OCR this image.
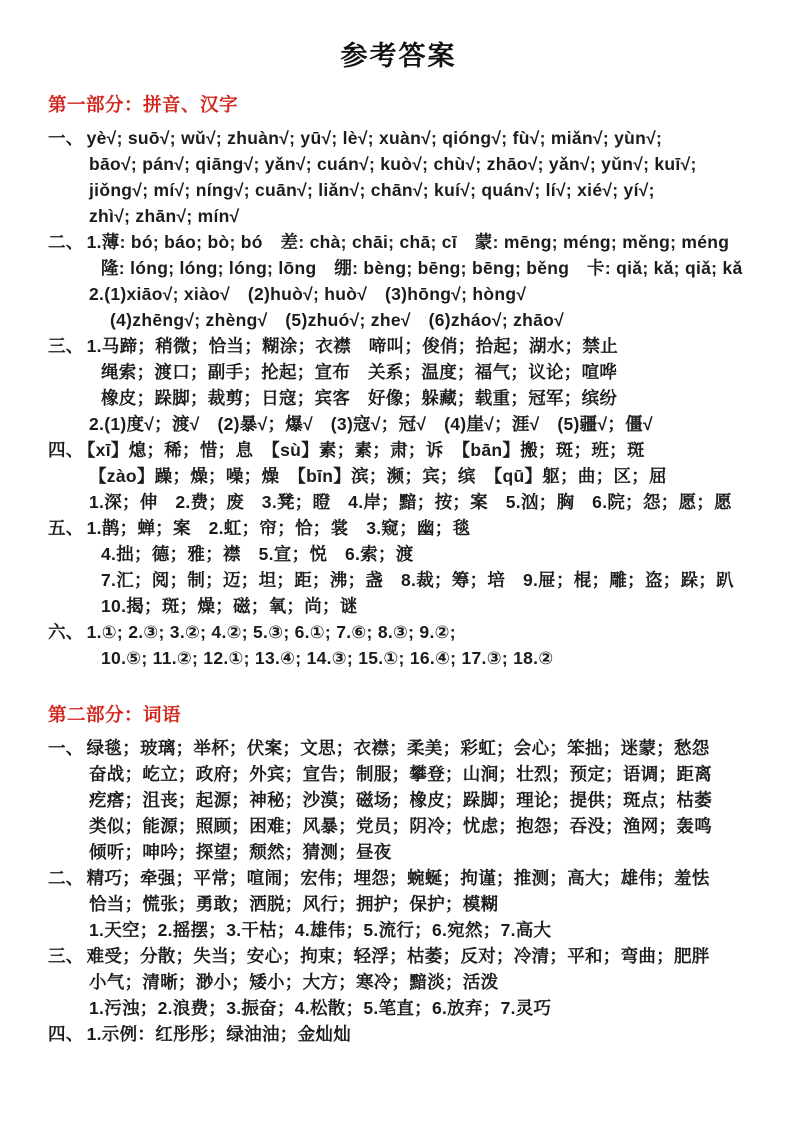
参考答案
第一部分：拼音、汉字
一、 yè√; suō√; wǔ√; zhuàn√; yū√; lè√; xuàn√; qióng√; fù√; miǎn√; yùn√;
bāo√; pán√; qiāng√; yǎn√; cuán√; kuò√; chù√; zhāo√; yǎn√; yǔn√; kuī√;
jiǒng√; mí√; níng√; cuān√; liǎn√; chān√; kuí√; quán√; lí√; xié√; yí√;
zhì√; zhān√; mín√
二、 1.薄: bó; báo; bò; bó　差: chà; chāi; chā; cī　蒙: mēng; méng; měng; méng
隆: lóng; lóng; lóng; lōng　绷: bèng; bēng; bēng; běng　卡: qiǎ; kǎ; qiǎ; kǎ
2.(1)xiāo√; xiào√　(2)huò√; huò√　(3)hōng√; hòng√
(4)zhēng√; zhèng√　(5)zhuó√; zhe√　(6)zháo√; zhāo√
三、 1.马蹄；稍微；恰当；糊涂；衣襟　啼叫；俊俏；拾起；湖水；禁止
绳索；渡口；副手；抡起；宣布　关系；温度；福气；议论；喧哗
橡皮；跺脚；裁剪；日寇；宾客　好像；躲藏；载重；冠军；缤纷
2.(1)度√；渡√　(2)暴√；爆√　(3)寇√；冠√　(4)崖√；涯√　(5)疆√；僵√
四、 【xī】熄；稀；惜；息　【sù】素；素；肃；诉　【bān】搬；斑；班；斑
【zào】躁；燥；噪；燥　【bīn】滨；濒；宾；缤　【qū】躯；曲；区；屈
1.深；伸　2.费；废　3.凳；瞪　4.岸；黯；按；案　5.汹；胸　6.院；怨；愿；愿
五、 1.鹊；蝉；案　2.虹；帘；恰；裳　3.窥；幽；毯
4.拙；德；雅；襟　5.宣；悦　6.索；渡
7.汇；阅；制；迈；坦；距；沸；盏　8.裁；筹；培　9.屉；棍；雕；盗；跺；趴
10.揭；斑；燥；磁；氧；尚；谜
六、 1.①; 2.③; 3.②; 4.②; 5.③; 6.①; 7.⑥; 8.③; 9.②;
10.⑤; 11.②; 12.①; 13.④; 14.③; 15.①; 16.④; 17.③; 18.②
第二部分：词语
一、 绿毯；玻璃；举杯；伏案；文思；衣襟；柔美；彩虹；会心；笨拙；迷蒙；愁怨
奋战；屹立；政府；外宾；宣告；制服；攀登；山涧；壮烈；预定；语调；距离
疙瘩；沮丧；起源；神秘；沙漠；磁场；橡皮；跺脚；理论；提供；斑点；枯萎
类似；能源；照顾；困难；风暴；党员；阴冷；忧虑；抱怨；吞没；渔网；轰鸣
倾听；呻吟；探望；颓然；猜测；昼夜
二、 精巧；牵强；平常；喧闹；宏伟；埋怨；蜿蜒；拘谨；推测；高大；雄伟；羞怯
恰当；慌张；勇敢；洒脱；风行；拥护；保护；模糊
1.天空；2.摇摆；3.干枯；4.雄伟；5.流行；6.宛然；7.高大
三、 难受；分散；失当；安心；拘束；轻浮；枯萎；反对；冷清；平和；弯曲；肥胖
小气；清晰；渺小；矮小；大方；寒冷；黯淡；活泼
1.污浊；2.浪费；3.振奋；4.松散；5.笔直；6.放弃；7.灵巧
四、 1.示例：红彤彤；绿油油；金灿灿
